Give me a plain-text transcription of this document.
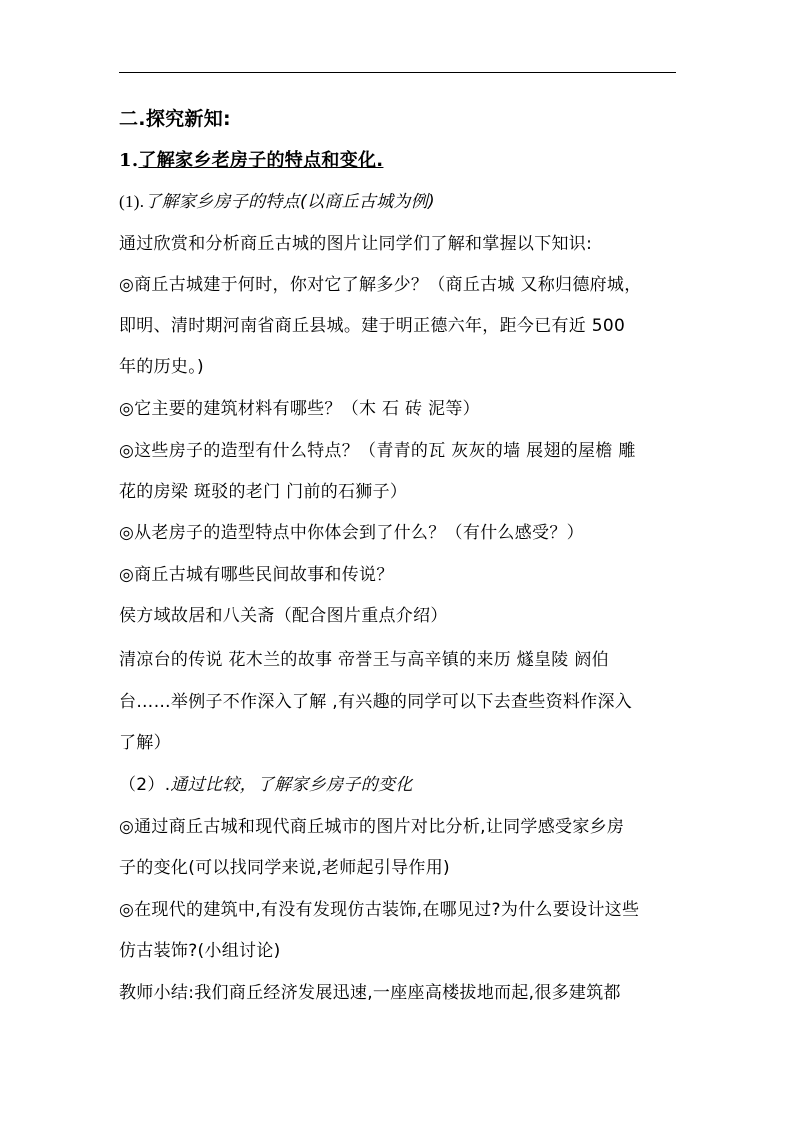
二.探究新知:
1.了解家乡老房子的特点和变化.
(1).了解家乡房子的特点(以商丘古城为例)
通过欣赏和分析商丘古城的图片让同学们了解和掌握以下知识:
◎商丘古城建于何时，你对它了解多少？（商丘古城 又称归德府城，
即明、清时期河南省商丘县城。建于明正德六年，距今已有近 500
年的历史。)
◎它主要的建筑材料有哪些？（木 石 砖 泥等）
◎这些房子的造型有什么特点？（青青的瓦 灰灰的墙 展翅的屋檐 雕
花的房梁 斑驳的老门 门前的石狮子）
◎从老房子的造型特点中你体会到了什么？（有什么感受？）
◎商丘古城有哪些民间故事和传说？
侯方域故居和八关斋（配合图片重点介绍）
清凉台的传说 花木兰的故事 帝誉王与高辛镇的来历 燧皇陵 阏伯
台……举例子不作深入了解 ,有兴趣的同学可以下去查些资料作深入
了解）
（2）.通过比较，了解家乡房子的变化
◎通过商丘古城和现代商丘城市的图片对比分析,让同学感受家乡房
子的变化(可以找同学来说,老师起引导作用)
◎在现代的建筑中,有没有发现仿古装饰,在哪见过?为什么要设计这些
仿古装饰?(小组讨论)
教师小结:我们商丘经济发展迅速,一座座高楼拔地而起,很多建筑都
